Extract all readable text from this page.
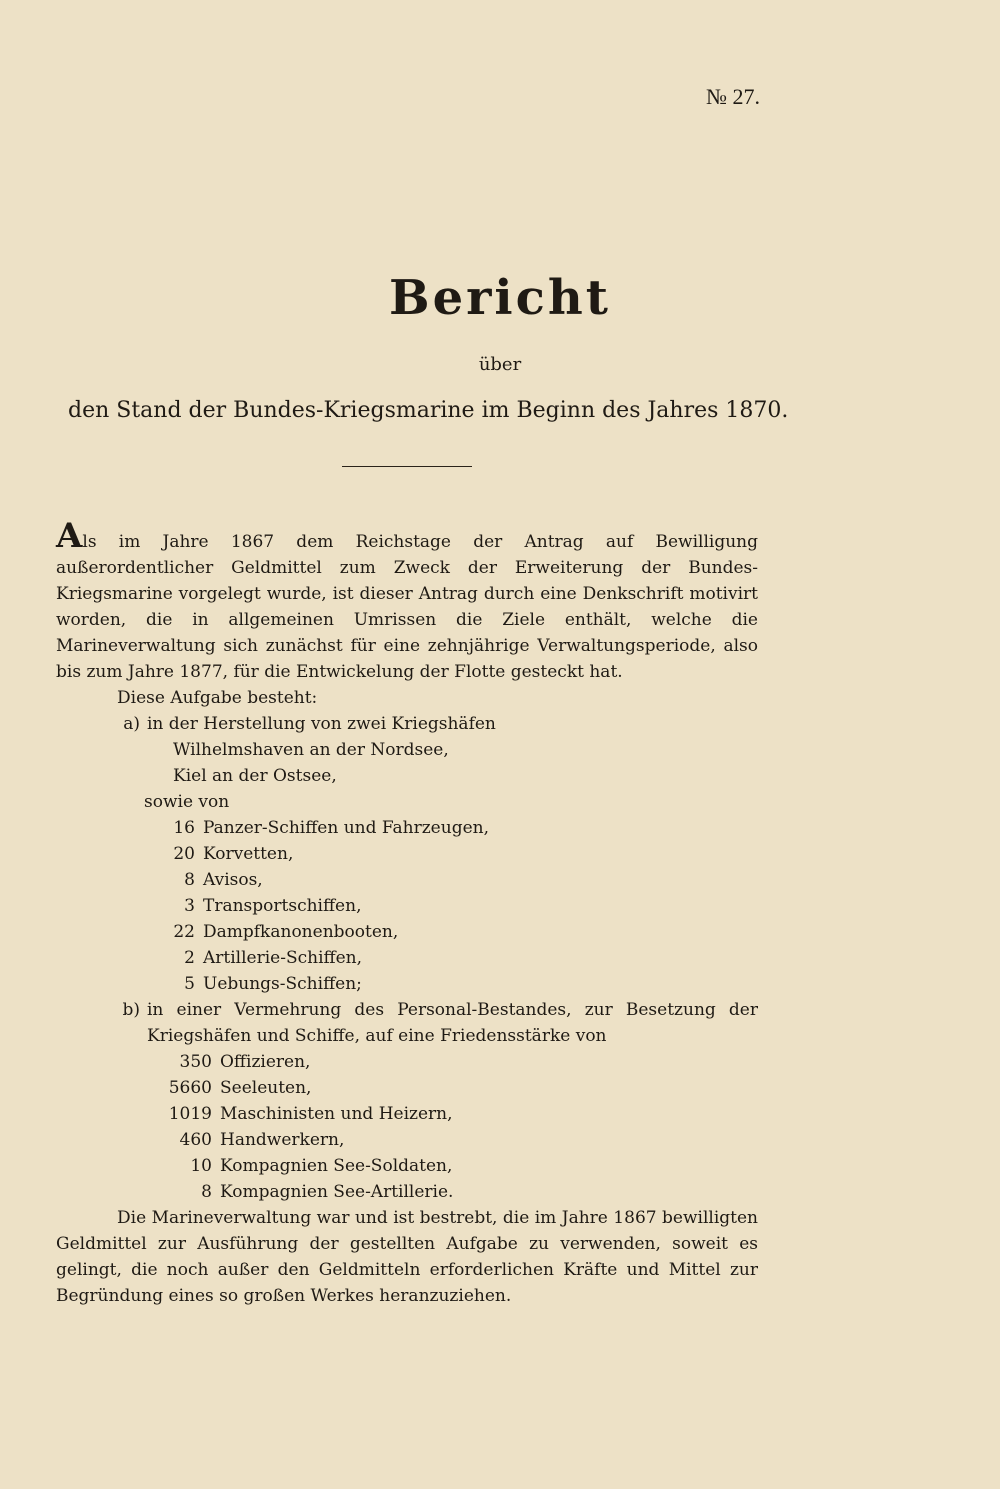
№ 27.
Bericht
über
den Stand der Bundes-Kriegsmarine im Beginn des Jahres 1870.

Als im Jahre 1867 dem Reichstage der Antrag auf Bewilligung außerordentlicher Geldmittel zum Zweck der Erweiterung der Bundes-Kriegsmarine vorgelegt wurde, ist dieser Antrag durch eine Denkschrift motivirt worden, die in allgemeinen Umrissen die Ziele enthält, welche die Marineverwaltung sich zunächst für eine zehnjährige Verwaltungsperiode, also bis zum Jahre 1877, für die Entwickelung der Flotte gesteckt hat.

Diese Aufgabe besteht:

a) in der Herstellung von zwei Kriegshäfen

Wilhelmshaven an der Nordsee,

Kiel an der Ostsee,

sowie von

16 Panzer-Schiffen und Fahrzeugen,

20 Korvetten,

8 Avisos,

3 Transportschiffen,

22 Dampfkanonenbooten,

2 Artillerie-Schiffen,

5 Uebungs-Schiffen;

b) in einer Vermehrung des Personal-Bestandes, zur Besetzung der Kriegshäfen und Schiffe, auf eine Friedensstärke von

350 Offizieren,

5660 Seeleuten,

1019 Maschinisten und Heizern,

460 Handwerkern,

10 Kompagnien See-Soldaten,

8 Kompagnien See-Artillerie.

Die Marineverwaltung war und ist bestrebt, die im Jahre 1867 bewilligten Geldmittel zur Ausführung der gestellten Aufgabe zu verwenden, soweit es gelingt, die noch außer den Geldmitteln erforderlichen Kräfte und Mittel zur Begründung eines so großen Werkes heranzuziehen.
